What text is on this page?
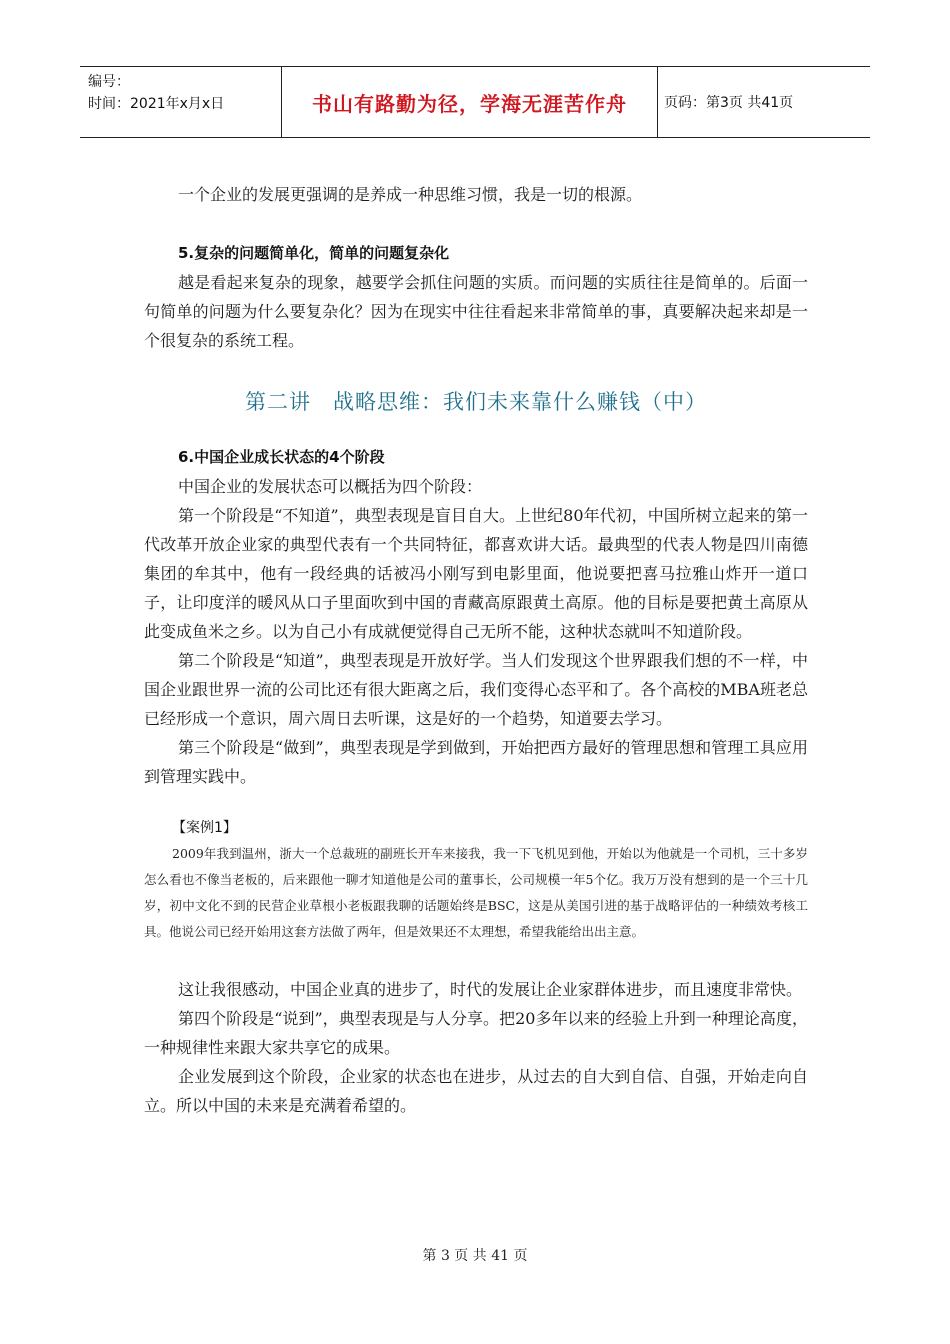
编号：
时间：2021年x月x日	书山有路勤为径，学海无涯苦作舟	页码：第3页 共41页

一个企业的发展更强调的是养成一种思维习惯，我是一切的根源。

5.复杂的问题简单化，简单的问题复杂化

越是看起来复杂的现象，越要学会抓住问题的实质。而问题的实质往往是简单的。后面一句简单的问题为什么要复杂化？因为在现实中往往看起来非常简单的事，真要解决起来却是一个很复杂的系统工程。

第二讲　战略思维：我们未来靠什么赚钱（中）
6.中国企业成长状态的4个阶段

中国企业的发展状态可以概括为四个阶段：

第一个阶段是“不知道”，典型表现是盲目自大。上世纪80年代初，中国所树立起来的第一代改革开放企业家的典型代表有一个共同特征，都喜欢讲大话。最典型的代表人物是四川南德集团的牟其中，他有一段经典的话被冯小刚写到电影里面，他说要把喜马拉雅山炸开一道口子，让印度洋的暖风从口子里面吹到中国的青藏高原跟黄土高原。他的目标是要把黄土高原从此变成鱼米之乡。以为自己小有成就便觉得自己无所不能，这种状态就叫不知道阶段。

第二个阶段是“知道”，典型表现是开放好学。当人们发现这个世界跟我们想的不一样，中国企业跟世界一流的公司比还有很大距离之后，我们变得心态平和了。各个高校的MBA班老总已经形成一个意识，周六周日去听课，这是好的一个趋势，知道要去学习。

第三个阶段是“做到”，典型表现是学到做到，开始把西方最好的管理思想和管理工具应用到管理实践中。

【案例1】

2009年我到温州，浙大一个总裁班的副班长开车来接我，我一下飞机见到他，开始以为他就是一个司机，三十多岁怎么看也不像当老板的，后来跟他一聊才知道他是公司的董事长，公司规模一年5个亿。我万万没有想到的是一个三十几岁，初中文化不到的民营企业草根小老板跟我聊的话题始终是BSC，这是从美国引进的基于战略评估的一种绩效考核工具。他说公司已经开始用这套方法做了两年，但是效果还不太理想，希望我能给出出主意。

这让我很感动，中国企业真的进步了，时代的发展让企业家群体进步，而且速度非常快。

第四个阶段是“说到”，典型表现是与人分享。把20多年以来的经验上升到一种理论高度，一种规律性来跟大家共享它的成果。

企业发展到这个阶段，企业家的状态也在进步，从过去的自大到自信、自强，开始走向自立。所以中国的未来是充满着希望的。

第 3 页 共 41 页
